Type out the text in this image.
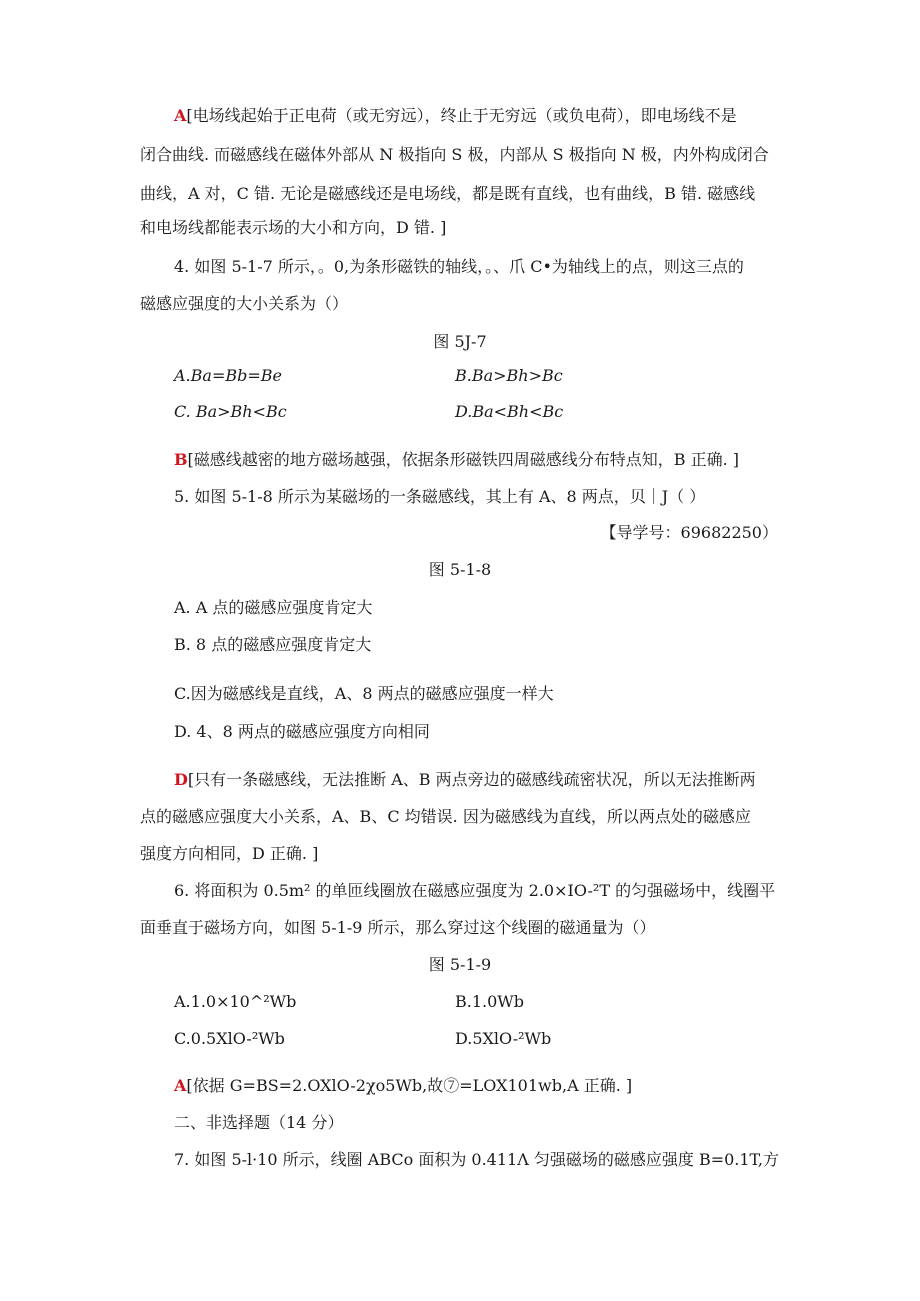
A[电场线起始于正电荷（或无穷远），终止于无穷远（或负电荷），即电场线不是
闭合曲线. 而磁感线在磁体外部从 N 极指向 S 极，内部从 S 极指向 N 极，内外构成闭合
曲线，A 对，C 错. 无论是磁感线还是电场线，都是既有直线，也有曲线，B 错. 磁感线
和电场线都能表示场的大小和方向，D 错. ]
4. 如图 5-1-7 所示，。0,为条形磁铁的轴线，。、爪 C•为轴线上的点，则这三点的
磁感应强度的大小关系为（）
图 5J-7
A.Ba=Bb=Be	B.Ba>Bh>Bc
C. Ba>Bh<Bc	D.Ba<Bh<Bc
B[磁感线越密的地方磁场越强，依据条形磁铁四周磁感线分布特点知，B 正确. ]
5. 如图 5-1-8 所示为某磁场的一条磁感线，其上有 A、8 两点，贝｜J（ ）
【导学号：69682250）
图 5-1-8
A. A 点的磁感应强度肯定大
B. 8 点的磁感应强度肯定大
C.因为磁感线是直线，A、8 两点的磁感应强度一样大
D. 4、8 两点的磁感应强度方向相同
D[只有一条磁感线，无法推断 A、B 两点旁边的磁感线疏密状况，所以无法推断两
点的磁感应强度大小关系，A、B、C 均错误. 因为磁感线为直线，所以两点处的磁感应
强度方向相同，D 正确. ]
6. 将面积为 0.5m² 的单匝线圈放在磁感应强度为 2.0×IO-²T 的匀强磁场中，线圈平
面垂直于磁场方向，如图 5-1-9 所示，那么穿过这个线圈的磁通量为（）
图 5-1-9
A.1.0×10^²Wb	B.1.0Wb
C.0.5XlO-²Wb	D.5XlO-²Wb
A[依据 G=BS=2.OXlO-2χo5Wb,故⑦=LOX101wb,A 正确. ]
二、非选择题（14 分）
7. 如图 5-l·10 所示，线圈 ABCo 面积为 0.411Λ 匀强磁场的磁感应强度 B=0.1T,方
